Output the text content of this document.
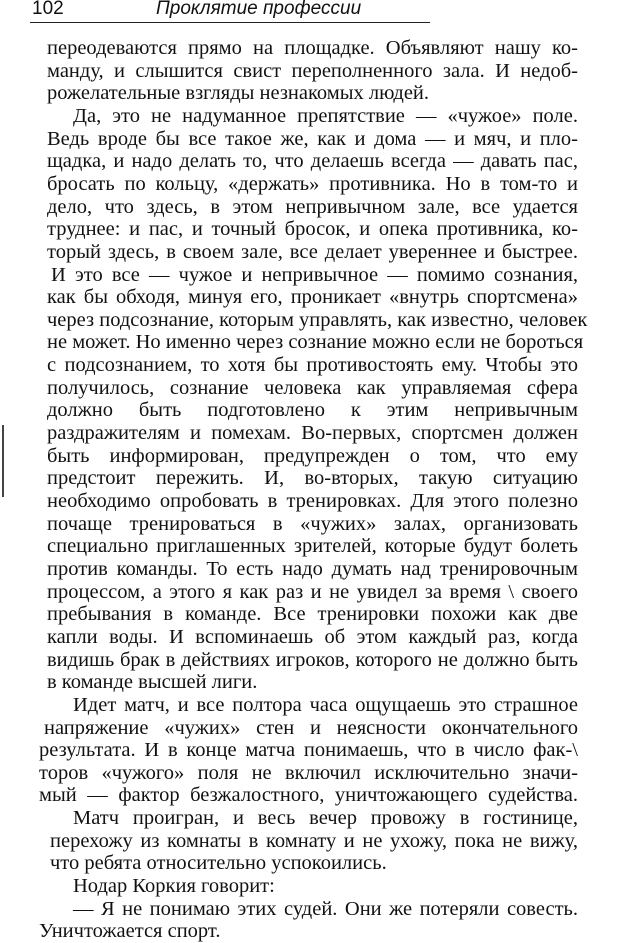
102	Проклятие профессии
переодеваются прямо на площадке. Объявляют нашу ко-
манду, и слышится свист переполненного зала. И недоб-
рожелательные взгляды незнакомых людей.
Да, это не надуманное препятствие — «чужое» поле.
Ведь вроде бы все такое же, как и дома — и мяч, и пло-
щадка, и надо делать то, что делаешь всегда — давать пас,
бросать по кольцу, «держать» противника. Но в том-то и
дело, что здесь, в этом непривычном зале, все удается
труднее: и пас, и точный бросок, и опека противника, ко-
торый здесь, в своем зале, все делает увереннее и быстрее.
И это все — чужое и непривычное — помимо сознания,
как бы обходя, минуя его, проникает «внутрь спортсмена»
через подсознание, которым управлять, как известно, человек
не может. Но именно через сознание можно если не бороться
с подсознанием, то хотя бы противостоять ему. Чтобы это
получилось, сознание человека как управляемая сфера
должно быть подготовлено к этим непривычным
раздражителям и помехам. Во-первых, спортсмен должен
быть информирован, предупрежден о том, что ему
предстоит пережить. И, во-вторых, такую ситуацию
необходимо опробовать в тренировках. Для этого полезно
почаще тренироваться в «чужих» залах, организовать
специально приглашенных зрителей, которые будут болеть
против команды. То есть надо думать над тренировочным
процессом, а этого я как раз и не увидел за время \ своего
пребывания в команде. Все тренировки похожи как две
капли воды. И вспоминаешь об этом каждый раз, когда
видишь брак в действиях игроков, которого не должно быть
в команде высшей лиги.
Идет матч, и все полтора часа ощущаешь это страшное
напряжение «чужих» стен и неясности окончательного
результата. И в конце матча понимаешь, что в число фак-\
торов «чужого» поля не включил исключительно значи-
мый — фактор безжалостного, уничтожающего судейства.
Матч проигран, и весь вечер провожу в гостинице,
перехожу из комнаты в комнату и не ухожу, пока не вижу,
что ребята относительно успокоились.
Нодар Коркия говорит:
— Я не понимаю этих судей. Они же потеряли совесть.
Уничтожается спорт.
